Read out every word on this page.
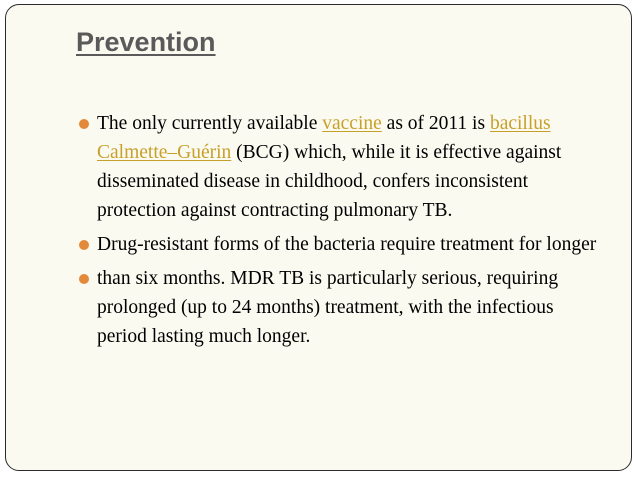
Prevention
The only currently available vaccine as of 2011 is bacillus Calmette–Guérin (BCG) which, while it is effective against disseminated disease in childhood, confers inconsistent protection against contracting pulmonary TB.
Drug-resistant forms of the bacteria require treatment for longer
than six months. MDR TB is particularly serious, requiring prolonged (up to 24 months) treatment, with the infectious period lasting much longer.
